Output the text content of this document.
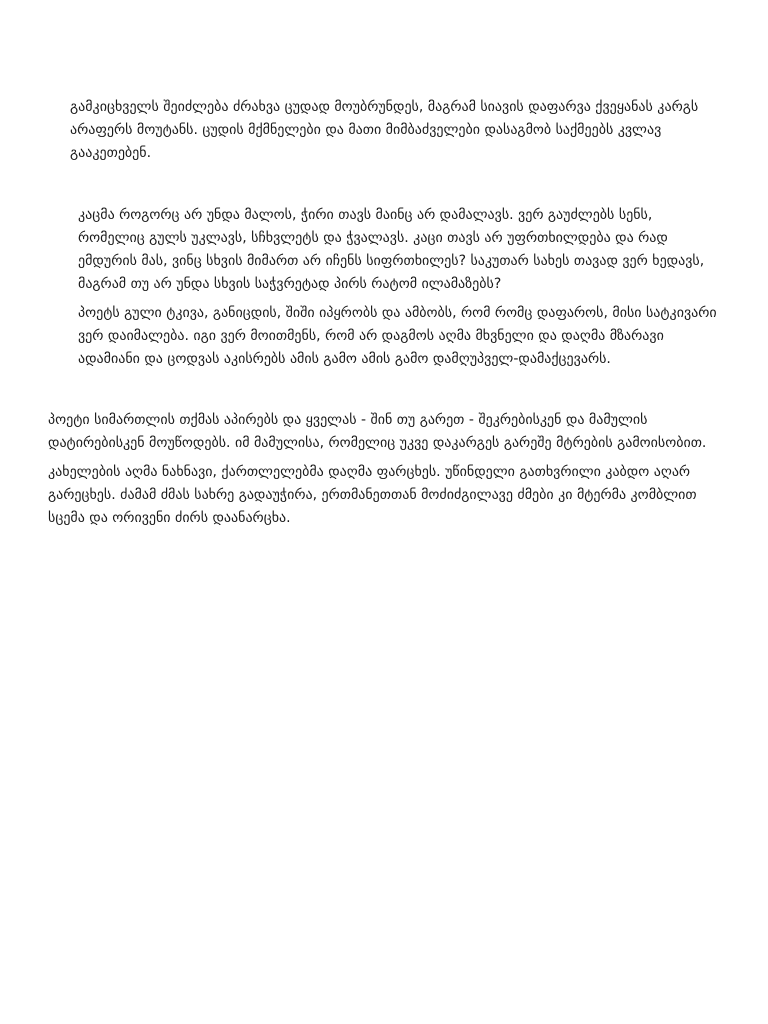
გამკიცხველს შეიძლება ძრახვა ცუდად მოუბრუნდეს, მაგრამ სიავის დაფარვა ქვეყანას კარგს არაფერს მოუტანს. ცუდის მქმნელები და მათი მიმბაძველები დასაგმობ საქმეებს კვლავ გააკეთებენ.

კაცმა როგორც არ უნდა მალოს, ჭირი თავს მაინც არ დამალავს. ვერ გაუძლებს სენს, რომელიც გულს უკლავს, სჩხვლეტს და ჭვალავს. კაცი თავს არ უფრთხილდება და რად ემდურის მას, ვინც სხვის მიმართ არ იჩენს სიფრთხილეს? საკუთარ სახეს თავად ვერ ხედავს, მაგრამ თუ არ უნდა სხვის საჭვრეტად პირს რატომ ილამაზებს?

პოეტს გული ტკივა, განიცდის, შიში იპყრობს და ამბობს, რომ რომც დაფაროს, მისი სატკივარი ვერ დაიმალება. იგი ვერ მოითმენს, რომ არ დაგმოს აღმა მხვნელი და დაღმა მზარავი ადამიანი და ცოდვას აკისრებს ამის გამო ამის გამო დამღუპველ-დამაქცევარს.

პოეტი სიმართლის თქმას აპირებს და ყველას - შინ თუ გარეთ - შეკრებისკენ და მამულის დატირებისკენ მოუწოდებს. იმ მამულისა, რომელიც უკვე დაკარგეს გარეშე მტრების გამოისობით.

კახელების აღმა ნახნავი, ქართლელებმა დაღმა ფარცხეს. უწინდელი გათხვრილი კაბდო აღარ გარეცხეს. ძამამ ძმას სახრე გადაუჭირა, ერთმანეთთან მოძიძგილავე ძმები კი მტერმა კომბლით სცემა და ორივენი ძირს დაანარცხა.
